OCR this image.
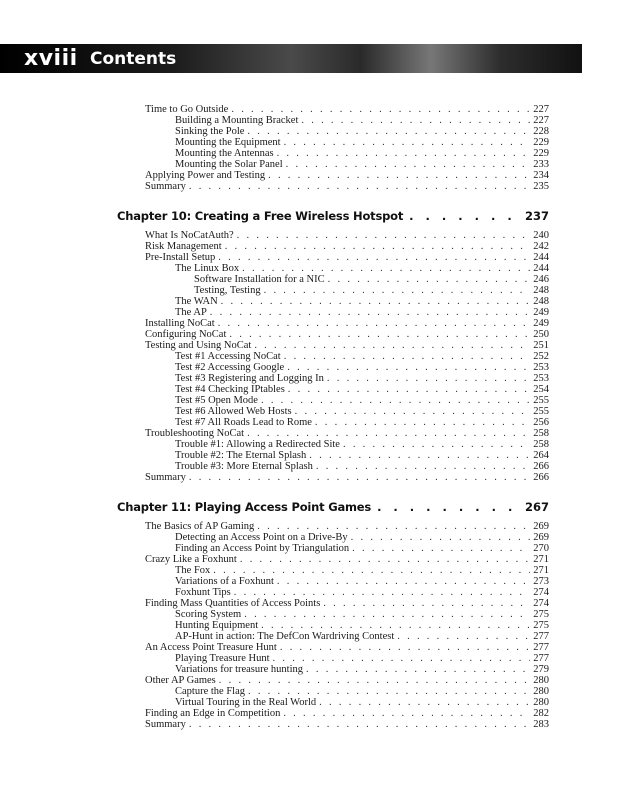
xviii Contents
Time to Go Outside . . .	227
Building a Mounting Bracket . . .	227
Sinking the Pole . . .	228
Mounting the Equipment . . .	229
Mounting the Antennas . . .	229
Mounting the Solar Panel . . .	233
Applying Power and Testing . . .	234
Summary . . .	235
Chapter 10: Creating a Free Wireless Hotspot . . .	237
What Is NoCatAuth? . . .	240
Risk Management . . .	242
Pre-Install Setup . . .	244
The Linux Box . . .	244
Software Installation for a NIC . . .	246
Testing, Testing . . .	248
The WAN . . .	248
The AP . . .	249
Installing NoCat . . .	249
Configuring NoCat . . .	250
Testing and Using NoCat . . .	251
Test #1 Accessing NoCat . . .	252
Test #2 Accessing Google . . .	253
Test #3 Registering and Logging In . . .	253
Test #4 Checking IPtables . . .	254
Test #5 Open Mode . . .	255
Test #6 Allowed Web Hosts . . .	255
Test #7 All Roads Lead to Rome . . .	256
Troubleshooting NoCat . . .	258
Trouble #1: Allowing a Redirected Site . . .	258
Trouble #2: The Eternal Splash . . .	264
Trouble #3: More Eternal Splash . . .	266
Summary . . .	266
Chapter 11: Playing Access Point Games . . .	267
The Basics of AP Gaming . . .	269
Detecting an Access Point on a Drive-By . . .	269
Finding an Access Point by Triangulation . . .	270
Crazy Like a Foxhunt . . .	271
The Fox . . .	271
Variations of a Foxhunt . . .	273
Foxhunt Tips . . .	274
Finding Mass Quantities of Access Points . . .	274
Scoring System . . .	275
Hunting Equipment . . .	275
AP-Hunt in action: The DefCon Wardriving Contest . . .	277
An Access Point Treasure Hunt . . .	277
Playing Treasure Hunt . . .	277
Variations for treasure hunting . . .	279
Other AP Games . . .	280
Capture the Flag . . .	280
Virtual Touring in the Real World . . .	280
Finding an Edge in Competition . . .	282
Summary . . .	283
